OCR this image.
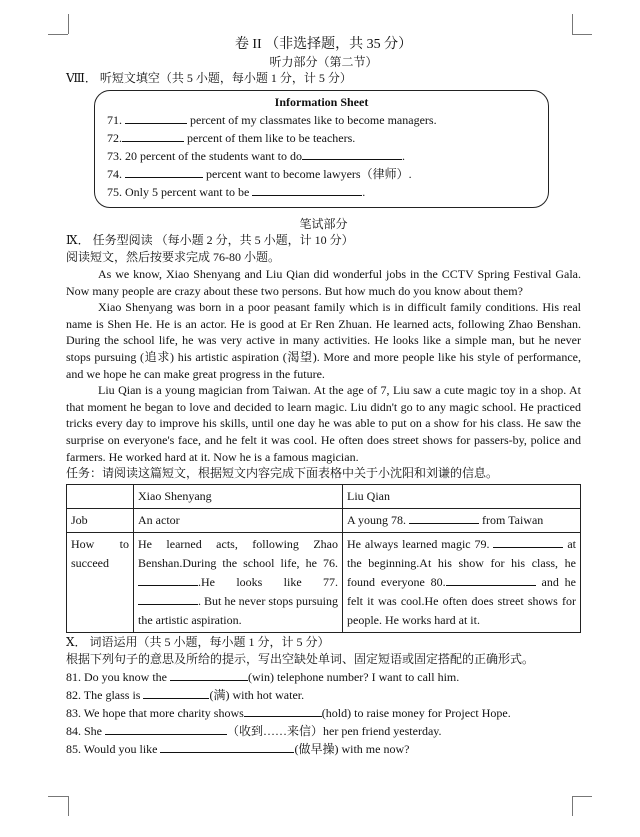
卷 II （非选择题，共 35 分）
听力部分（第二节）
Ⅷ． 听短文填空（共 5 小题，每小题 1 分，计 5 分）
Information Sheet
71.	percent of my classmates like to become managers.
72.	percent of them like to be teachers.
73. 20 percent of the students want to do	.
74.	percent want to become lawyers（律师）.
75. Only 5 percent want to be	.
笔试部分
Ⅸ． 任务型阅读 （每小题 2 分，共 5 小题，计 10 分）
阅读短文，然后按要求完成 76-80 小题。

As we know, Xiao Shenyang and Liu Qian did wonderful jobs in the CCTV Spring Festival Gala. Now many people are crazy about these two persons. But how much do you know about them?

Xiao Shenyang was born in a poor peasant family which is in difficult family conditions. His real name is Shen He. He is an actor. He is good at Er Ren Zhuan. He learned acts, following Zhao Benshan. During the school life, he was very active in many activities. He looks like a simple man, but he never stops pursuing (追求) his artistic aspiration (渴望). More and more people like his style of performance, and we hope he can make great progress in the future.

Liu Qian is a young magician from Taiwan. At the age of 7, Liu saw a cute magic toy in a shop. At that moment he began to love and decided to learn magic. Liu didn't go to any magic school. He practiced tricks every day to improve his skills, until one day he was able to put on a show for his class. He saw the surprise on everyone's face, and he felt it was cool. He often does street shows for passers-by, police and farmers. He worked hard at it. Now he is a famous magician.

任务：请阅读这篇短文，根据短文内容完成下面表格中关于小沈阳和刘谦的信息。
	Xiao Shenyang	Liu Qian
Job	An actor	A young 78. from Taiwan
How to succeed	He learned acts, following Zhao Benshan.During the school life, he 76. .He looks like 77.. But he never stops pursuing the artistic aspiration.	He always learned magic 79. at the beginning.At his show for his class, he found everyone 80. and he felt it was cool.He often does street shows for people. He works hard at it.
Ⅹ． 词语运用（共 5 小题，每小题 1 分，计 5 分）
根据下列句子的意思及所给的提示，写出空缺处单词、固定短语或固定搭配的正确形式。
81. Do you know the	(win) telephone number? I want to call him.
82. The glass is	(满) with hot water.
83. We hope that more charity shows	(hold) to raise money for Project Hope.
84. She	（收到……来信）her pen friend yesterday.
85. Would you like	(做早操) with me now?
